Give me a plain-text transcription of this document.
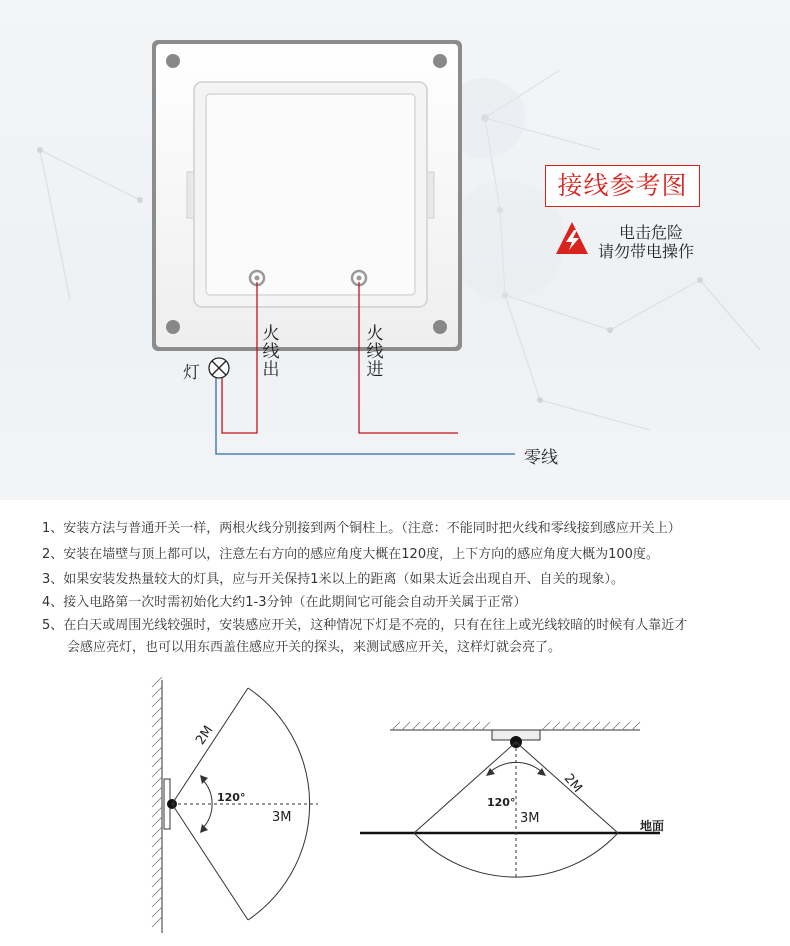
接线参考图
电击危险
请勿带电操作
火
线
出
火
线
进
灯
零线
1、安装方法与普通开关一样，两根火线分别接到两个铜柱上。（注意：不能同时把火线和零线接到感应开关上）
2、安装在墙壁与顶上都可以，注意左右方向的感应角度大概在120度，上下方向的感应角度大概为100度。
3、如果安装发热量较大的灯具，应与开关保持1米以上的距离（如果太近会出现自开、自关的现象）。
4、接入电路第一次时需初始化大约1-3分钟（在此期间它可能会自动开关属于正常）
5、在白天或周围光线较强时，安装感应开关，这种情况下灯是不亮的，只有在往上或光线较暗的时候有人靠近才
会感应亮灯，也可以用东西盖住感应开关的探头，来测试感应开关，这样灯就会亮了。
120°
3M
2M
120°
3M
2M
地面
